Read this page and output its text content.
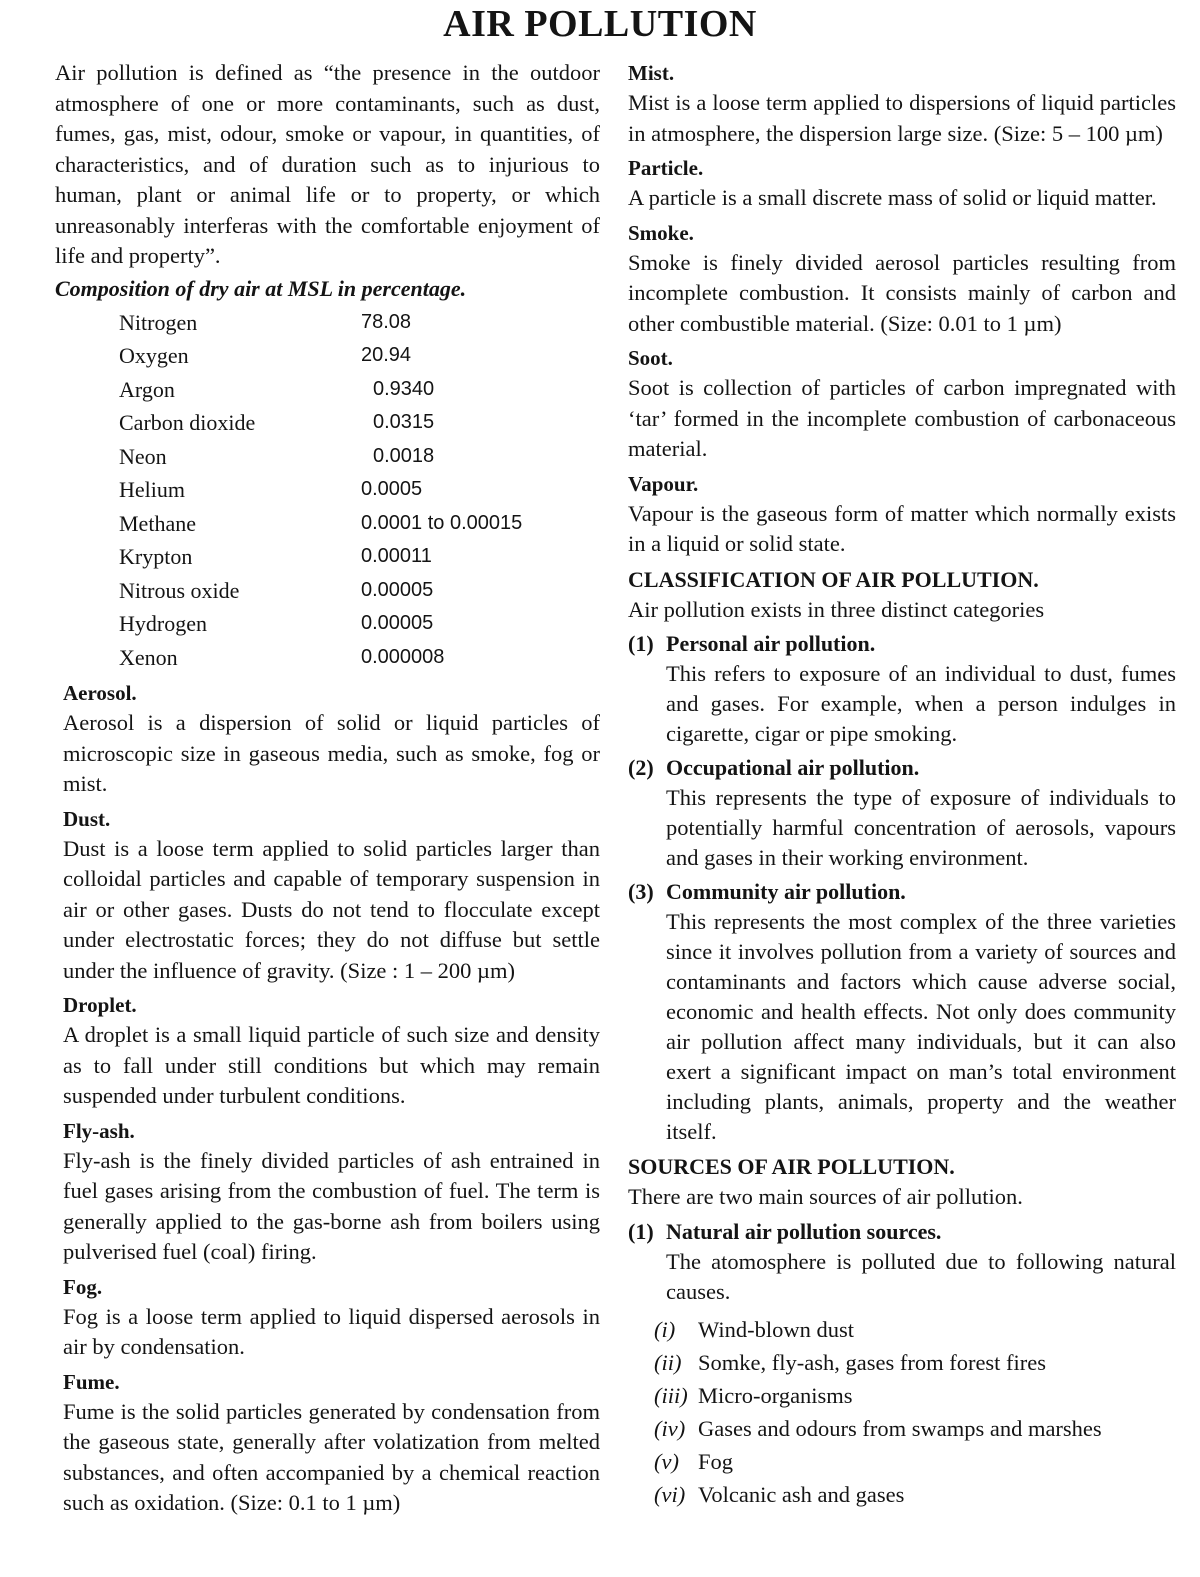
AIR POLLUTION

Air pollution is defined as “the presence in the outdoor atmosphere of one or more contaminants, such as dust, fumes, gas, mist, odour, smoke or vapour, in quantities, of characteristics, and of duration such as to injurious to human, plant or animal life or to property, or which unreasonably interferas with the comfortable enjoyment of life and property”.

Composition of dry air at MSL in percentage.

Nitrogen	78.08
Oxygen	20.94
Argon	0.9340
Carbon dioxide	0.0315
Neon	0.0018
Helium	0.0005
Methane	0.0001 to 0.00015
Krypton	0.00011
Nitrous oxide	0.00005
Hydrogen	0.00005
Xenon	0.000008

Aerosol.

Aerosol is a dispersion of solid or liquid particles of microscopic size in gaseous media, such as smoke, fog or mist.

Dust.

Dust is a loose term applied to solid particles larger than colloidal particles and capable of temporary suspension in air or other gases. Dusts do not tend to flocculate except under electrostatic forces; they do not diffuse but settle under the influence of gravity. (Size : 1 – 200 µm)

Droplet.

A droplet is a small liquid particle of such size and density as to fall under still conditions but which may remain suspended under turbulent conditions.

Fly-ash.

Fly-ash is the finely divided particles of ash entrained in fuel gases arising from the combustion of fuel. The term is generally applied to the gas-borne ash from boilers using pulverised fuel (coal) firing.

Fog.

Fog is a loose term applied to liquid dispersed aerosols in air by condensation.

Fume.

Fume is the solid particles generated by condensation from the gaseous state, generally after volatization from melted substances, and often accompanied by a chemical reaction such as oxidation. (Size: 0.1 to 1 µm)

Mist.

Mist is a loose term applied to dispersions of liquid particles in atmosphere, the dispersion large size. (Size: 5 – 100 µm)

Particle.

A particle is a small discrete mass of solid or liquid matter.

Smoke.

Smoke is finely divided aerosol particles resulting from incomplete combustion. It consists mainly of carbon and other combustible material. (Size: 0.01 to 1 µm)

Soot.

Soot is collection of particles of carbon impregnated with ‘tar’ formed in the incomplete combustion of carbonaceous material.

Vapour.

Vapour is the gaseous form of matter which normally exists in a liquid or solid state.

CLASSIFICATION OF AIR POLLUTION.

Air pollution exists in three distinct categories

(1) Personal air pollution.

This refers to exposure of an individual to dust, fumes and gases. For example, when a person indulges in cigarette, cigar or pipe smoking.

(2) Occupational air pollution.

This represents the type of exposure of individuals to potentially harmful concentration of aerosols, vapours and gases in their working environment.

(3) Community air pollution.

This represents the most complex of the three varieties since it involves pollution from a variety of sources and contaminants and factors which cause adverse social, economic and health effects. Not only does community air pollution affect many individuals, but it can also exert a significant impact on man’s total environment including plants, animals, property and the weather itself.

SOURCES OF AIR POLLUTION.

There are two main sources of air pollution.

(1) Natural air pollution sources.

The atomosphere is polluted due to following natural causes.

(i)	Wind-blown dust
(ii) Somke, fly-ash, gases from forest fires
(iii) Micro-organisms
(iv) Gases and odours from swamps and marshes
(v) Fog
(vi) Volcanic ash and gases
